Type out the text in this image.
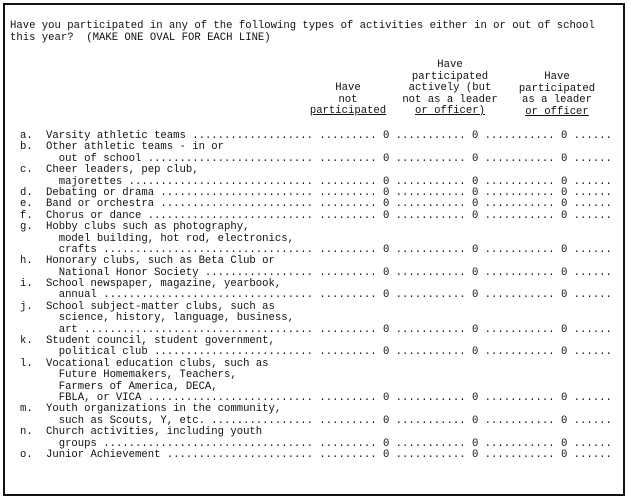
Have you participated in any of the following types of activities either in or out of school
this year?  (MAKE ONE OVAL FOR EACH LINE)
Have
not
participated
Have
participated
actively (but
not as a leader
or officer)
Have
participated
as a leader
or officer
a.	Varsity athletic teams ................... ......... 0 ........... 0 ........... 0 ......
b.	Other athletic teams - in or
out of school .......................... ......... 0 ........... 0 ........... 0 ......
c.	Cheer leaders, pep club,
majorettes ............................. ......... 0 ........... 0 ........... 0 ......
d.	Debating or drama ........................ ......... 0 ........... 0 ........... 0 ......
e.	Band or orchestra ........................ ......... 0 ........... 0 ........... 0 ......
f.	Chorus or dance .......................... ......... 0 ........... 0 ........... 0 ......
g.	Hobby clubs such as photography,
model building, hot rod, electronics,
crafts ................................. ......... 0 ........... 0 ........... 0 ......
h.	Honorary clubs, such as Beta Club or
National Honor Society ................. ......... 0 ........... 0 ........... 0 ......
i.	School newspaper, magazine, yearbook,
annual ................................. ......... 0 ........... 0 ........... 0 ......
j.	School subject-matter clubs, such as
science, history, language, business,
art .................................... ......... 0 ........... 0 ........... 0 ......
k.	Student council, student government,
political club ......................... ......... 0 ........... 0 ........... 0 ......
l.	Vocational education clubs, such as
Future Homemakers, Teachers,
Farmers of America, DECA,
FBLA, or VICA .......................... ......... 0 ........... 0 ........... 0 ......
m.	Youth organizations in the community,
such as Scouts, Y, etc. ................ ......... 0 ........... 0 ........... 0 ......
n.	Church activities, including youth
groups ................................. ......... 0 ........... 0 ........... 0 ......
o.	Junior Achievement ....................... ......... 0 ........... 0 ........... 0 ......
